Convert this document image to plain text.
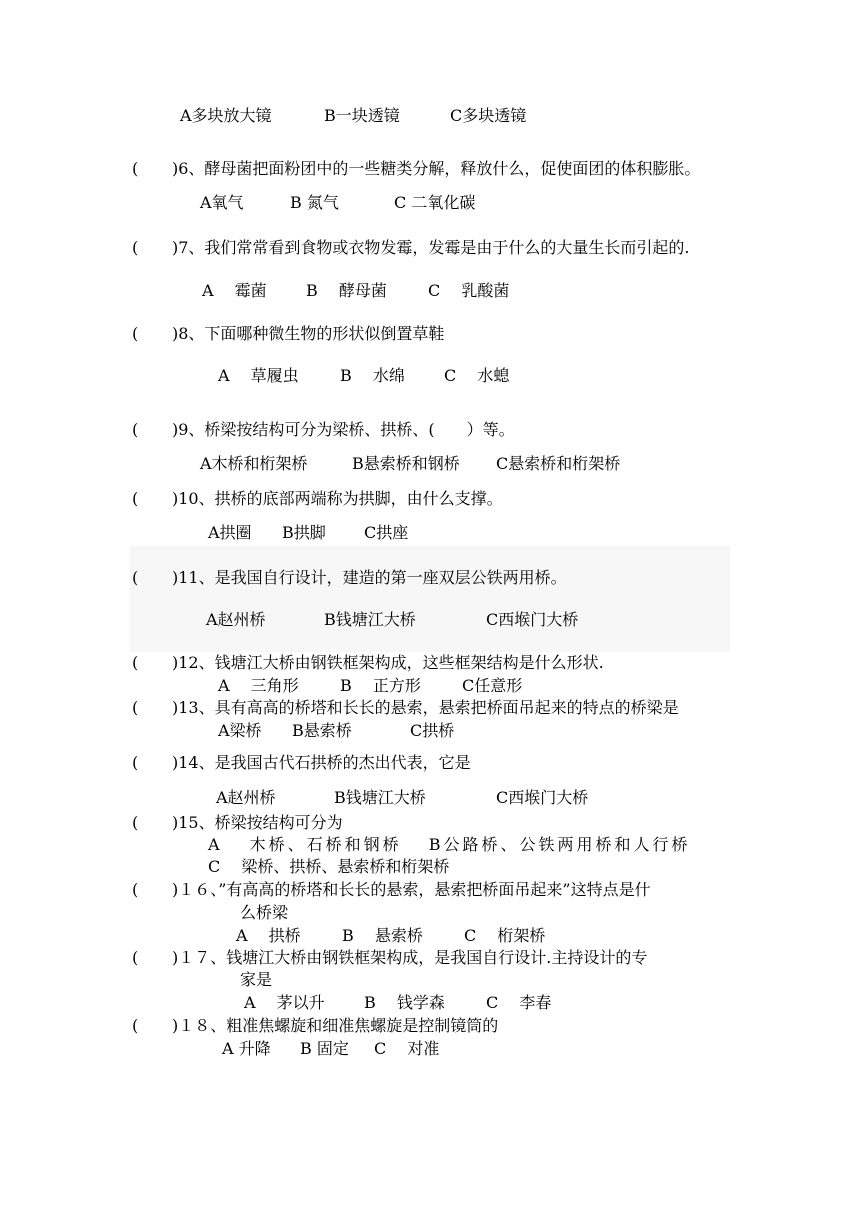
A多块放大镜	B一块透镜	C多块透镜
( )6、酵母菌把面粉团中的一些糖类分解，释放什么，促使面团的体积膨胀。
A氧气	B 氮气	C 二氧化碳
( )7、我们常常看到食物或衣物发霉，发霉是由于什么的大量生长而引起的.
A　 霉菌 B　 酵母菌	C　 乳酸菌
( )8、下面哪种微生物的形状似倒置草鞋
A　 草履虫	B　 水绵 C　 水螅
( )9、桥梁按结构可分为梁桥、拱桥、(　　）等。
A木桥和桁架桥	B悬索桥和钢桥 C悬索桥和桁架桥
( )10、拱桥的底部两端称为拱脚，由什么支撑。
A拱圈 B拱脚 C拱座
( )11、是我国自行设计，建造的第一座双层公铁两用桥。
A赵州桥	B钱塘江大桥	C西堠门大桥
( )12、钱塘江大桥由钢铁框架构成，这些框架结构是什么形状.
A　 三角形	B　 正方形	C任意形
( )13、具有高高的桥塔和长长的悬索，悬索把桥面吊起来的特点的桥梁是
A梁桥 B悬索桥	C拱桥
( )14、是我国古代石拱桥的杰出代表，它是
A赵州桥	B钱塘江大桥	C西堠门大桥
( )15、桥梁按结构可分为
A　 木桥、石桥和钢桥　 B公路桥、公铁两用桥和人行桥
C　 梁桥、拱桥、悬索桥和桁架桥
( )１６、”有高高的桥塔和长长的悬索，悬索把桥面吊起来”这特点是什
么桥梁
A　 拱桥	B　 悬索桥	C　 桁架桥
( )１７、钱塘江大桥由钢铁框架构成，是我国自行设计.主持设计的专
家是
A　 茅以升 B　 钱学森	C　 李春
( )１８、粗准焦螺旋和细准焦螺旋是控制镜筒的
A 升降 B 固定 C　 对准
